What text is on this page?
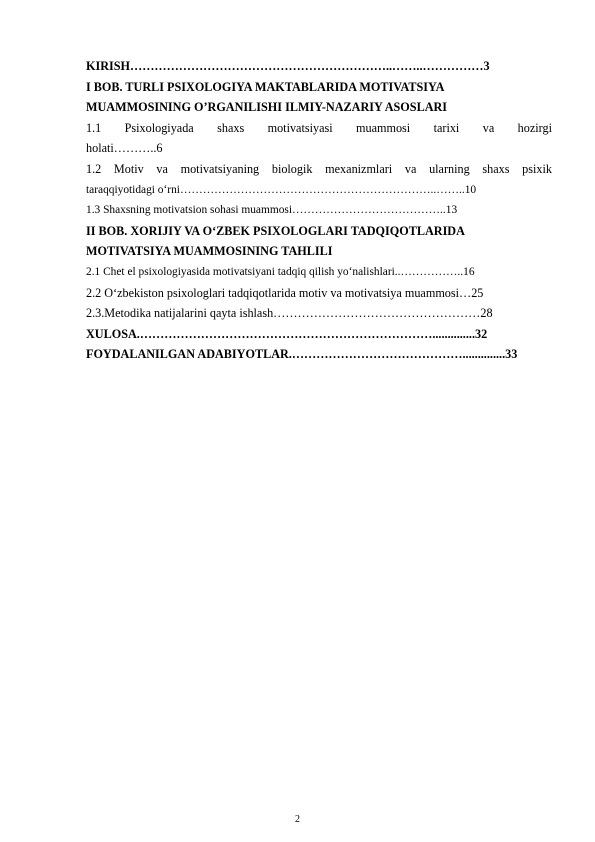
KIRISH………………………………………………………..……..……………3
I BOB. TURLI PSIXOLOGIYA MAKTABLARIDA MOTIVATSIYA
MUAMMOSINING O’RGANILISHI ILMIY-NAZARIY ASOSLARI
1.1 Psixologiyada shaxs motivatsiyasi muammosi tarixi va hozirgi
holati………..6
1.2 Motiv va motivatsiyaning biologik mexanizmlari va ularning shaxs psixik
taraqqiyotidagi o‘rni…………………………………………………………..……..10
1.3 Shaxsning motivatsion sohasi muammosi…………………………………..13
II BOB. XORIJIY VA O‘ZBEK PSIXOLOGLARI TADQIQOTLARIDA
MOTIVATSIYA MUAMMOSINING TAHLILI
2.1 Chet el psixologiyasida motivatsiyani tadqiq qilish yo‘nalishlari..……………..16
2.2 O‘zbekiston psixologlari tadqiqotlarida motiv va motivatsiya muammosi…25
2.3.Metodika natijalarini qayta ishlash……………………………………………28
XULOSA.………………………………………………………………..............32
FOYDALANILGAN ADABIYOTLAR.……………………………………..............33
2
